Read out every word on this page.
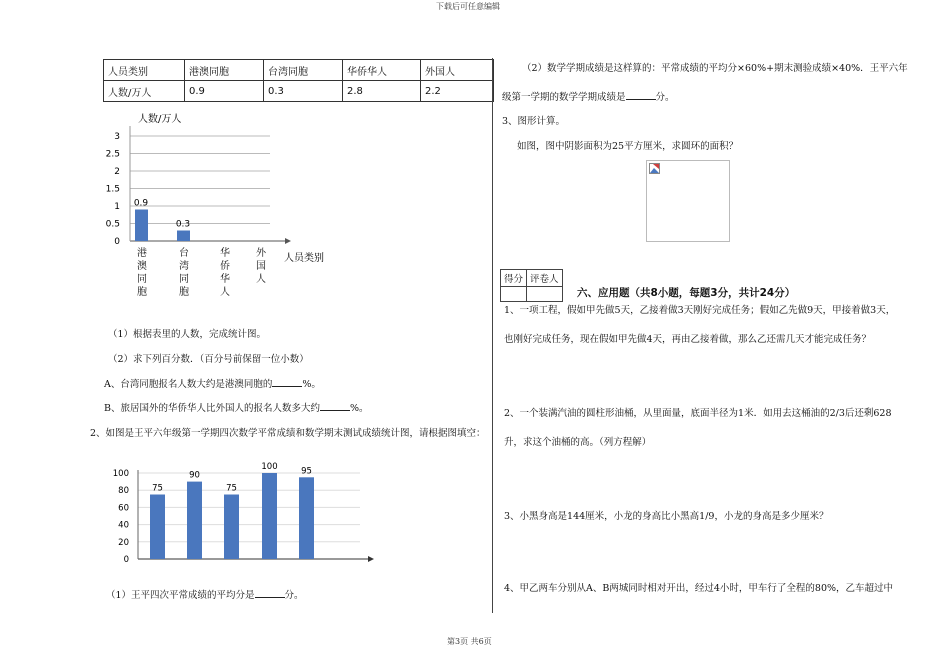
下载后可任意编辑
人员类别	港澳同胞	台湾同胞	华侨华人	外国人
人数/万人	0.9	0.3	2.8	2.2
人数/万人
人员类别
3
2.5
2
1.5
1
0.5
0
0.9
0.3
港
澳
同
胞
台
湾
同
胞
华
侨
华
人
外
国
人
（1）根据表里的人数，完成统计图。
（2）求下列百分数．（百分号前保留一位小数）
A、台湾同胞报名人数大约是港澳同胞的	%。
B、旅居国外的华侨华人比外国人的报名人数多大约	%。
2、如图是王平六年级第一学期四次数学平常成绩和数学期末测试成绩统计图，请根据图填空：
100
80
60
40
20
0
75
90
75
100	95
（1）王平四次平常成绩的平均分是	分。
（2）数学学期成绩是这样算的：平常成绩的平均分×60%+期末测验成绩×40%．王平六年
级第一学期的数学学期成绩是	分。
3、图形计算。
如图，图中阴影面积为25平方厘米，求圆环的面积？
得分	评卷人

六、应用题（共8小题，每题3分，共计24分）
1、一项工程，假如甲先做5天，乙接着做3天刚好完成任务；假如乙先做9天，甲接着做3天，
也刚好完成任务，现在假如甲先做4天，再由乙接着做，那么乙还需几天才能完成任务？
2、一个装满汽油的圆柱形油桶，从里面量，底面半径为1米．如用去这桶油的2/3后还剩628
升，求这个油桶的高。（列方程解）
3、小黑身高是144厘米，小龙的身高比小黑高1/9，小龙的身高是多少厘米？
4、甲乙两车分别从A、B两城同时相对开出，经过4小时，甲车行了全程的80%，乙车超过中
第3页 共6页
